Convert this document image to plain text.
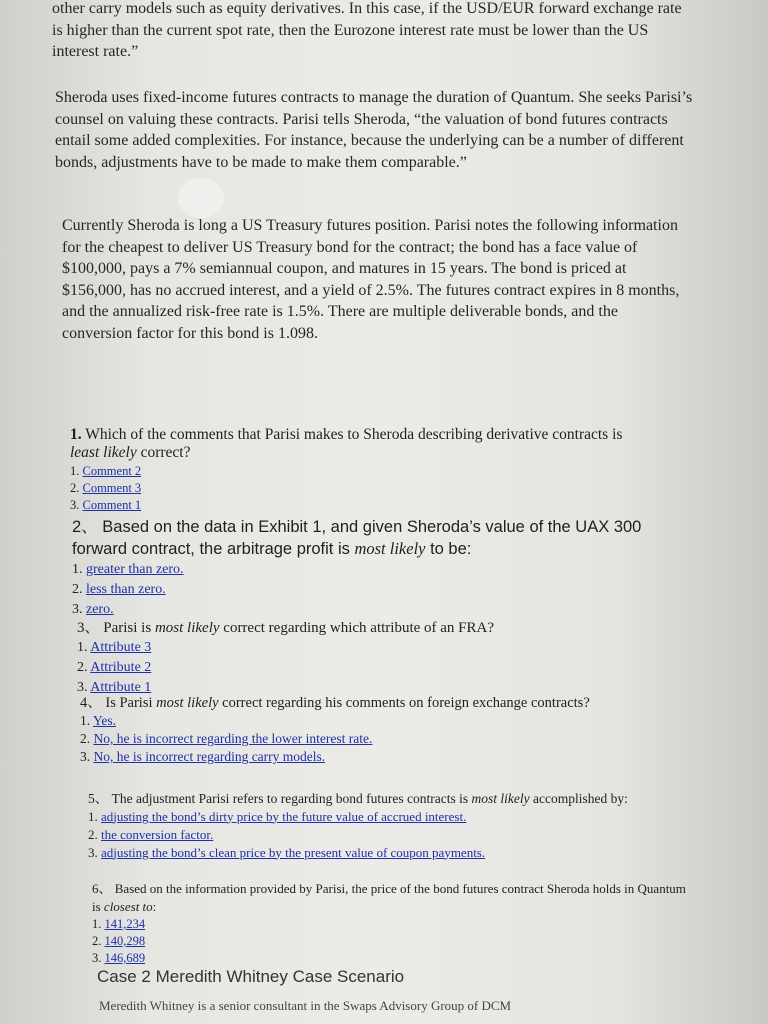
other carry models such as equity derivatives. In this case, if the USD/EUR forward exchange rate is higher than the current spot rate, then the Eurozone interest rate must be lower than the US interest rate.”

Sheroda uses fixed-income futures contracts to manage the duration of Quantum. She seeks Parisi’s counsel on valuing these contracts. Parisi tells Sheroda, “the valuation of bond futures contracts entail some added complexities. For instance, because the underlying can be a number of different bonds, adjustments have to be made to make them comparable.”

Currently Sheroda is long a US Treasury futures position. Parisi notes the following information for the cheapest to deliver US Treasury bond for the contract; the bond has a face value of $100,000, pays a 7% semiannual coupon, and matures in 15 years. The bond is priced at $156,000, has no accrued interest, and a yield of 2.5%. The futures contract expires in 8 months, and the annualized risk-free rate is 1.5%. There are multiple deliverable bonds, and the conversion factor for this bond is 1.098.

1. Which of the comments that Parisi makes to Sheroda describing derivative contracts is least likely correct?
1. Comment 2
2. Comment 3
3. Comment 1
2、 Based on the data in Exhibit 1, and given Sheroda’s value of the UAX 300 forward contract, the arbitrage profit is most likely to be:
1. greater than zero.
2. less than zero.
3. zero.
3、 Parisi is most likely correct regarding which attribute of an FRA?
1. Attribute 3
2. Attribute 2
3. Attribute 1
4、 Is Parisi most likely correct regarding his comments on foreign exchange contracts?
1. Yes.
2. No, he is incorrect regarding the lower interest rate.
3. No, he is incorrect regarding carry models.
5、 The adjustment Parisi refers to regarding bond futures contracts is most likely accomplished by:
1. adjusting the bond’s dirty price by the future value of accrued interest.
2. the conversion factor.
3. adjusting the bond’s clean price by the present value of coupon payments.
6、 Based on the information provided by Parisi, the price of the bond futures contract Sheroda holds in Quantum is closest to:
1. 141,234
2. 140,298
3. 146,689

Case 2 Meredith Whitney Case Scenario

Meredith Whitney is a senior consultant in the Swaps Advisory Group of DCM
